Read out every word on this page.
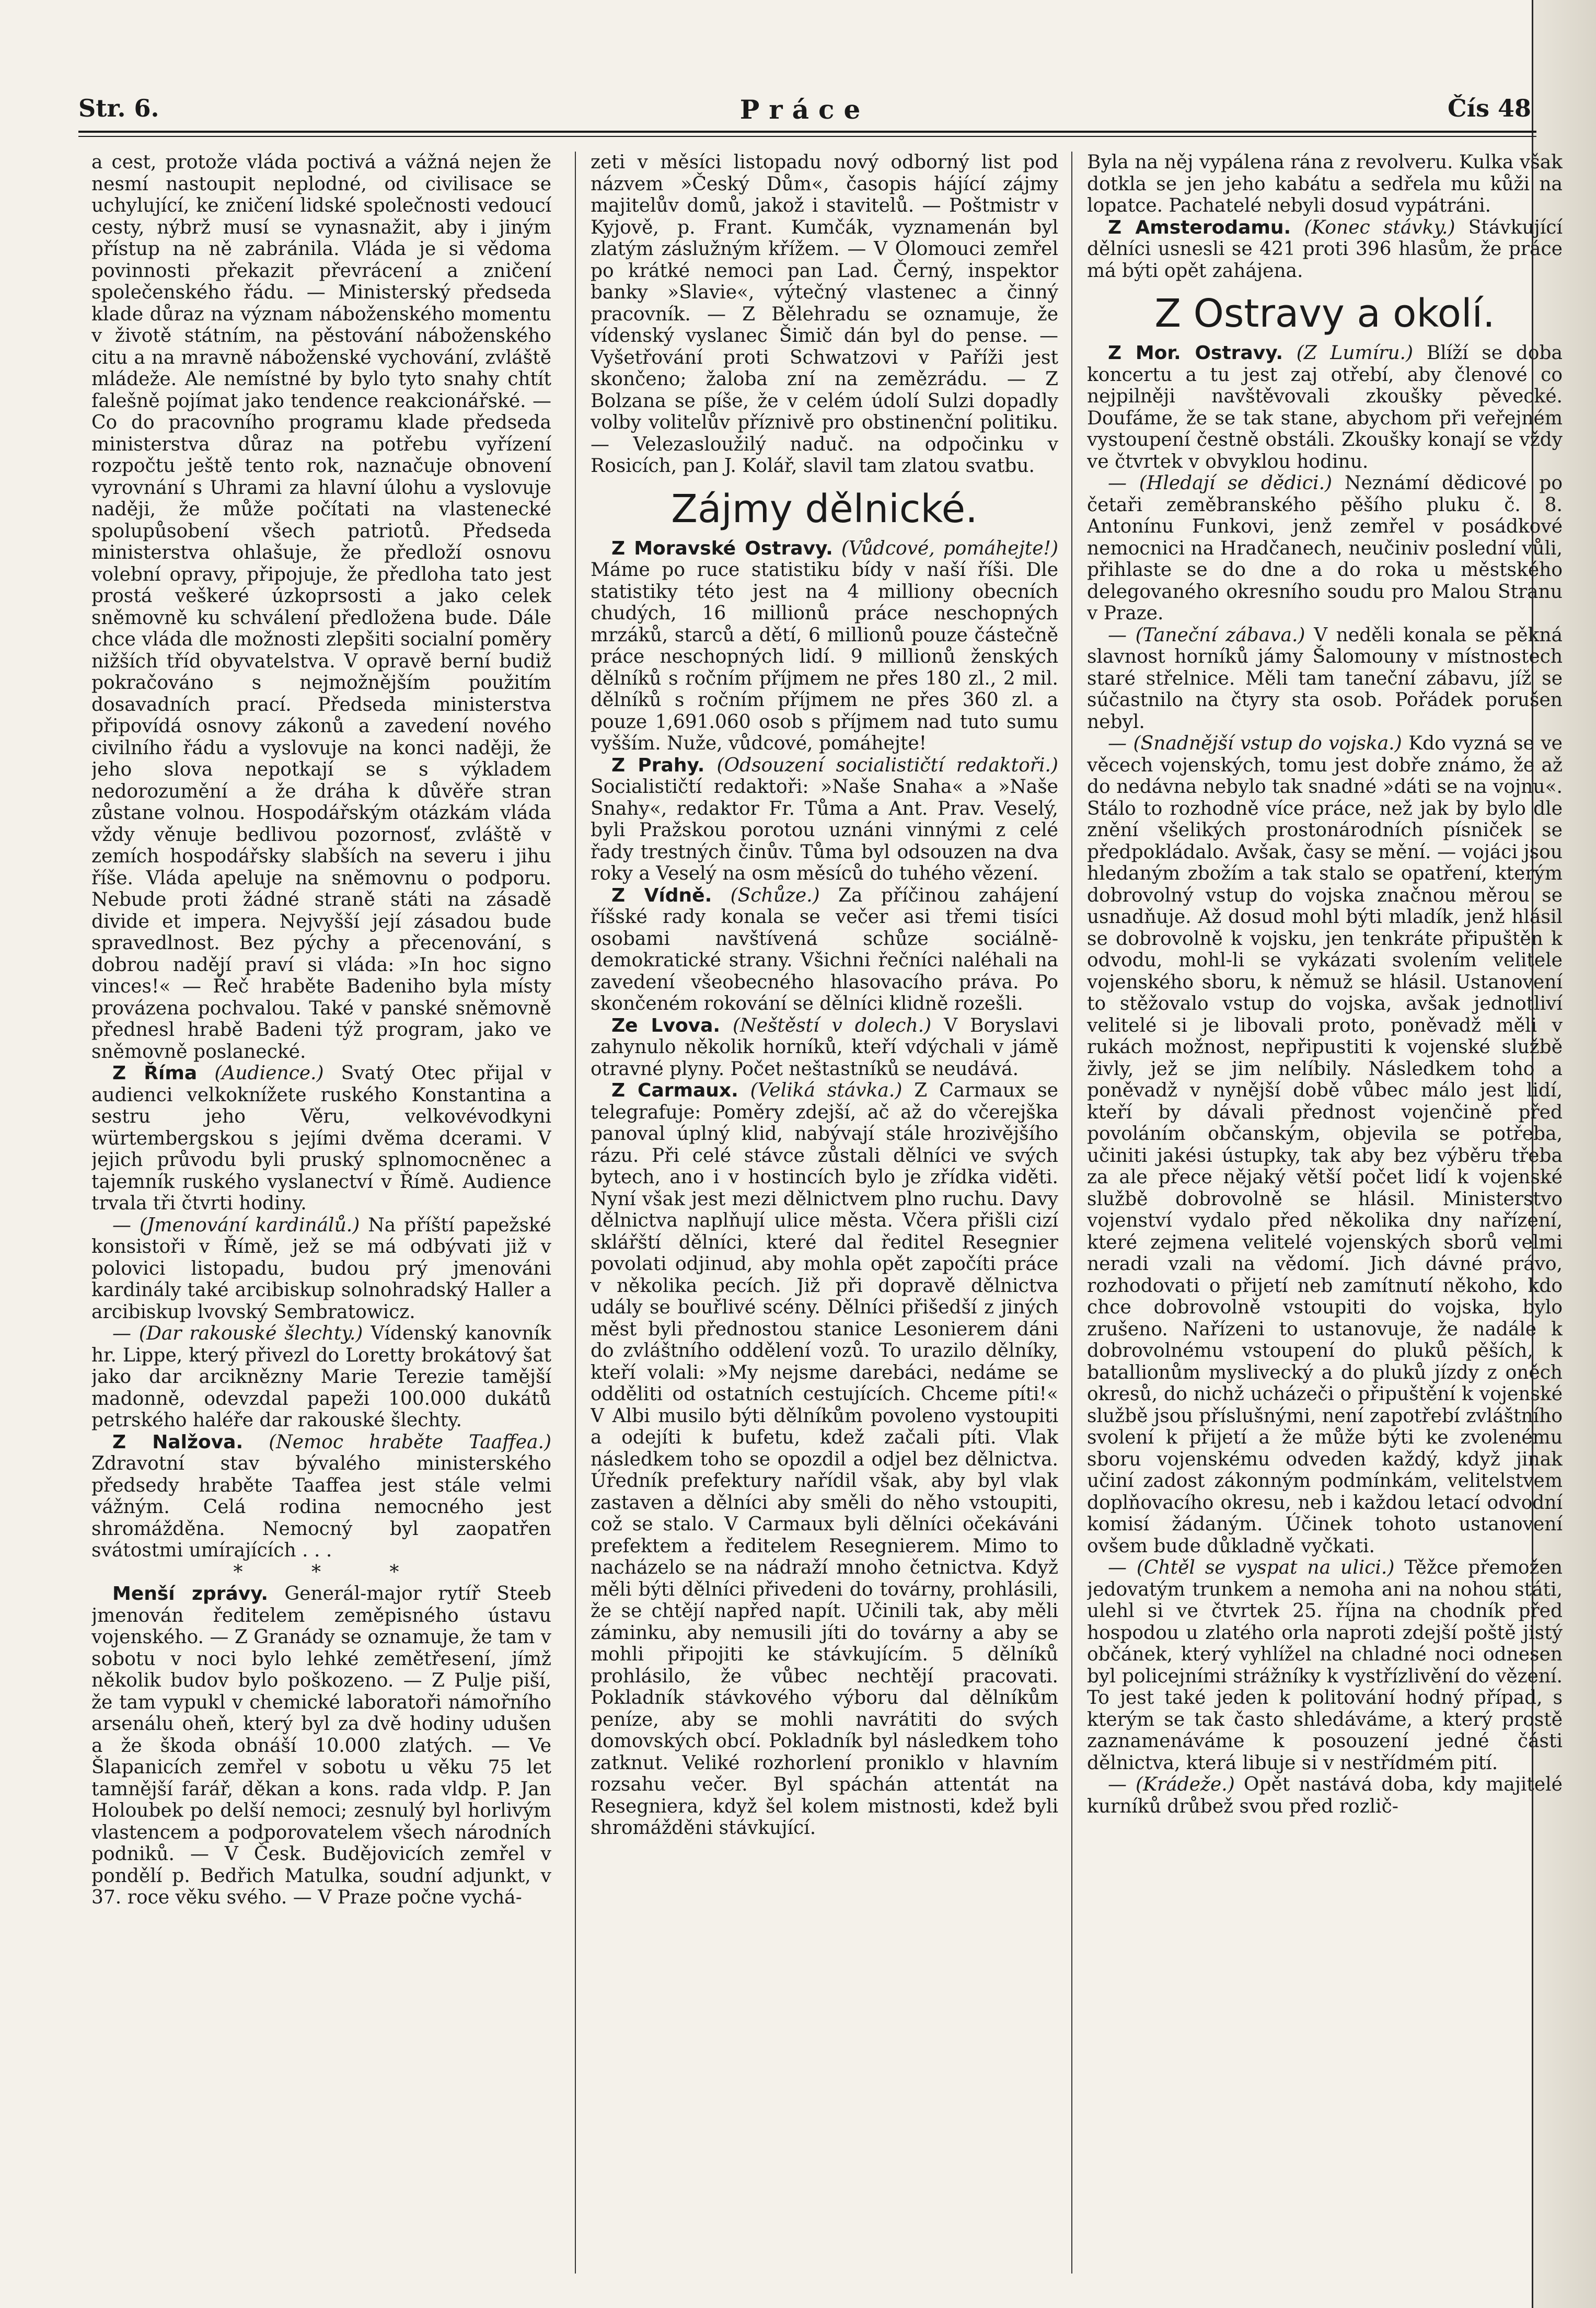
Str. 6.	Práce	Čís 48

a cest, protože vláda poctivá a vážná nejen že nesmí nastoupit neplodné, od civilisace se uchylující, ke zničení lidské společnosti vedoucí cesty, nýbrž musí se vynasnažit, aby i jiným přístup na ně zabránila. Vláda je si vědoma povinnosti překazit převrácení a zničení společenského řádu. — Ministerský předseda klade důraz na význam náboženského momentu v životě státním, na pěstování náboženského citu a na mravně náboženské vychování, zvláště mládeže. Ale nemístné by bylo tyto snahy chtít falešně pojímat jako tendence reakcionářské. — Co do pracovního programu klade předseda ministerstva důraz na potřebu vyřízení rozpočtu ještě tento rok, naznačuje obnovení vyrovnání s Uhrami za hlavní úlohu a vyslovuje naději, že může počítati na vlastenecké spolupůsobení všech patriotů. Předseda ministerstva ohlašuje, že předloží osnovu volební opravy, připojuje, že předloha tato jest prostá veškeré úzkoprsosti a jako celek sněmovně ku schválení předložena bude. Dále chce vláda dle možnosti zlepšiti socialní poměry nižších tříd obyvatelstva. V opravě berní budiž pokračováno s nejmožnějším použitím dosavadních prací. Předseda ministerstva připovídá osnovy zákonů a zavedení nového civilního řádu a vyslovuje na konci naději, že jeho slova nepotkají se s výkladem nedorozumění a že dráha k důvěře stran zůstane volnou. Hospodářským otázkám vláda vždy věnuje bedlivou pozornosť, zvláště v zemích hospodářsky slabších na severu i jihu říše. Vláda apeluje na sněmovnu o podporu. Nebude proti žádné straně státi na zásadě divide et impera. Nejvyšší její zásadou bude spravedlnost. Bez pýchy a přecenování, s dobrou nadějí praví si vláda: »In hoc signo vinces!« — Řeč hraběte Badeniho byla místy provázena pochvalou. Také v panské sněmovně přednesl hrabě Badeni týž program, jako ve sněmovně poslanecké.

Z Říma (Audience.) Svatý Otec přijal v audienci velkoknížete ruského Konstantina a sestru jeho Věru, velkovévodkyni würtembergskou s jejími dvěma dcerami. V jejich průvodu byli pruský splnomocněnec a tajemník ruského vyslanectví v Římě. Audience trvala tři čtvrti hodiny.

— (Jmenování kardinálů.) Na příští papežské konsistoři v Římě, jež se má odbývati již v polovici listopadu, budou prý jmenováni kardinály také arcibiskup solnohradský Haller a arcibiskup lvovský Sembratowicz.

— (Dar rakouské šlechty.) Vídenský kanovník hr. Lippe, který přivezl do Loretty brokátový šat jako dar arciknězny Marie Terezie tamější madonně, odevzdal papeži 100.000 dukátů petrského haléře dar rakouské šlechty.

Z Nalžova. (Nemoc hraběte Taaffea.) Zdravotní stav bývalého ministerského předsedy hraběte Taaffea jest stále velmi vážným. Celá rodina nemocného jest shromážděna. Nemocný byl zaopatřen svátostmi umírajících . . .

* * *

Menší zprávy. Generál-major rytíř Steeb jmenován ředitelem zeměpisného ústavu vojenského. — Z Granády se oznamuje, že tam v sobotu v noci bylo lehké zemětřesení, jímž několik budov bylo poškozeno. — Z Pulje piší, že tam vypukl v chemické laboratoři námořního arsenálu oheň, který byl za dvě hodiny udušen a že škoda obnáší 10.000 zlatých. — Ve Šlapanicích zemřel v sobotu u věku 75 let tamnější farář, děkan a kons. rada vldp. P. Jan Holoubek po delší nemoci; zesnulý byl horlivým vlastencem a podporovatelem všech národních podniků. — V Česk. Budějovicích zemřel v pondělí p. Bedřich Matulka, soudní adjunkt, v 37. roce věku svého. — V Praze počne vychá-

zeti v měsíci listopadu nový odborný list pod názvem »Český Dům«, časopis hájící zájmy majitelův domů, jakož i stavitelů. — Poštmistr v Kyjově, p. Frant. Kumčák, vyznamenán byl zlatým záslužným křížem. — V Olomouci zemřel po krátké nemoci pan Lad. Černý, inspektor banky »Slavie«, výtečný vlastenec a činný pracovník. — Z Bělehradu se oznamuje, že vídenský vyslanec Šimič dán byl do pense. — Vyšetřování proti Schwatzovi v Paříži jest skončeno; žaloba zní na zemězrádu. — Z Bolzana se píše, že v celém údolí Sulzi dopadly volby volitelův příznivě pro obstinenční politiku. — Velezasloužilý naduč. na odpočinku v Rosicích, pan J. Kolář, slavil tam zlatou svatbu.

Zájmy dělnické.

Z Moravské Ostravy. (Vůdcové, pomáhejte!) Máme po ruce statistiku bídy v naší říši. Dle statistiky této jest na 4 milliony obecních chudých, 16 millionů práce neschopných mrzáků, starců a dětí, 6 millionů pouze částečně práce neschopných lidí. 9 millionů ženských dělníků s ročním příjmem ne přes 180 zl., 2 mil. dělníků s ročním příjmem ne přes 360 zl. a pouze 1,691.060 osob s příjmem nad tuto sumu vyšším. Nuže, vůdcové, pomáhejte!

Z Prahy. (Odsouzení socialističtí redaktoři.) Socialističtí redaktoři: »Naše Snaha« a »Naše Snahy«, redaktor Fr. Tůma a Ant. Prav. Veselý, byli Pražskou porotou uznáni vinnými z celé řady trestných činův. Tůma byl odsouzen na dva roky a Veselý na osm měsíců do tuhého vězení.

Z Vídně. (Schůze.) Za příčinou zahájení říšské rady konala se večer asi třemi tisíci osobami navštívená schůze sociálně-demokratické strany. Všichni řečníci naléhali na zavedení všeobecného hlasovacího práva. Po skončeném rokování se dělníci klidně rozešli.

Ze Lvova. (Neštěstí v dolech.) V Boryslavi zahynulo několik horníků, kteří vdýchali v jámě otravné plyny. Počet neštastníků se neudává.

Z Carmaux. (Veliká stávka.) Z Carmaux se telegrafuje: Poměry zdejší, ač až do včerejška panoval úplný klid, nabývají stále hrozivějšího rázu. Při celé stávce zůstali dělníci ve svých bytech, ano i v hostincích bylo je zřídka viděti. Nyní však jest mezi dělnictvem plno ruchu. Davy dělnictva naplňují ulice města. Včera přišli cizí sklářští dělníci, které dal ředitel Resegnier povolati odjinud, aby mohla opět započíti práce v několika pecích. Již při dopravě dělnictva udály se bouřlivé scény. Dělníci přišedší z jiných měst byli přednostou stanice Lesonierem dáni do zvláštního oddělení vozů. To urazilo dělníky, kteří volali: »My nejsme darebáci, nedáme se odděliti od ostatních cestujících. Chceme píti!« V Albi musilo býti dělníkům povoleno vystoupiti a odejíti k bufetu, kdež začali píti. Vlak následkem toho se opozdil a odjel bez dělnictva. Úředník prefektury nařídil však, aby byl vlak zastaven a dělníci aby směli do něho vstoupiti, což se stalo. V Carmaux byli dělníci očekáváni prefektem a ředitelem Resegnierem. Mimo to nacházelo se na nádraží mnoho četnictva. Když měli býti dělníci přivedeni do továrny, prohlásili, že se chtějí napřed napít. Učinili tak, aby měli záminku, aby nemusili jíti do továrny a aby se mohli připojiti ke stávkujícím. 5 dělníků prohlásilo, že vůbec nechtějí pracovati. Pokladník stávkového výboru dal dělníkům peníze, aby se mohli navrátiti do svých domovských obcí. Pokladník byl následkem toho zatknut. Veliké rozhorlení proniklo v hlavním rozsahu večer. Byl spáchán attentát na Resegniera, když šel kolem mistnosti, kdež byli shromážděni stávkující.

Byla na něj vypálena rána z revolveru. Kulka však dotkla se jen jeho kabátu a sedřela mu kůži na lopatce. Pachatelé nebyli dosud vypátráni.

Z Amsterodamu. (Konec stávky.) Stávkující dělníci usnesli se 421 proti 396 hlasům, že práce má býti opět zahájena.

Z Ostravy a okolí.

Z Mor. Ostravy. (Z Lumíru.) Blíží se doba koncertu a tu jest zaj otřebí, aby členové co nejpilněji navštěvovali zkoušky pěvecké. Doufáme, že se tak stane, abychom při veřejném vystoupení čestně obstáli. Zkoušky konají se vždy ve čtvrtek v obvyklou hodinu.

— (Hledají se dědici.) Neznámí dědicové po četaři zeměbranského pěšího pluku č. 8. Antonínu Funkovi, jenž zemřel v posádkové nemocnici na Hradčanech, neučiniv poslední vůli, přihlaste se do dne a do roka u městského delegovaného okresního soudu pro Malou Stranu v Praze.

— (Taneční zábava.) V neděli konala se pěkná slavnost horníků jámy Šalomouny v místnostech staré střelnice. Měli tam taneční zábavu, jíž se súčastnilo na čtyry sta osob. Pořádek porušen nebyl.

— (Snadnější vstup do vojska.) Kdo vyzná se ve věcech vojenských, tomu jest dobře známo, že až do nedávna nebylo tak snadné »dáti se na vojnu«. Stálo to rozhodně více práce, než jak by bylo dle znění všelikých prostonárodních písniček se předpokládalo. Avšak, časy se mění. — vojáci jsou hledaným zbožím a tak stalo se opatření, kterým dobrovolný vstup do vojska značnou měrou se usnadňuje. Až dosud mohl býti mladík, jenž hlásil se dobrovolně k vojsku, jen tenkráte připuštěn k odvodu, mohl-li se vykázati svolením velitele vojenského sboru, k němuž se hlásil. Ustanovení to stěžovalo vstup do vojska, avšak jednotliví velitelé si je libovali proto, poněvadž měli v rukách možnost, nepřipustiti k vojenské službě živly, jež se jim nelíbily. Následkem toho a poněvadž v nynější době vůbec málo jest lidí, kteří by dávali přednost vojenčině před povoláním občanským, objevila se potřeba, učiniti jakési ústupky, tak aby bez výběru třeba za ale přece nějaký větší počet lidí k vojenské službě dobrovolně se hlásil. Ministerstvo vojenství vydalo před několika dny nařízení, které zejmena velitelé vojenských sborů velmi neradi vzali na vědomí. Jich dávné právo, rozhodovati o přijetí neb zamítnutí někoho, kdo chce dobrovolně vstoupiti do vojska, bylo zrušeno. Nařízeni to ustanovuje, že nadále k dobrovolnému vstoupení do pluků pěších, k batallionům myslivecký a do pluků jízdy z oněch okresů, do nichž ucházeči o připuštění k vojenské službě jsou příslušnými, není zapotřebí zvláštního svolení k přijetí a že může býti ke zvolenému sboru vojenskému odveden každý, když jinak učiní zadost zákonným podmínkám, velitelstvem doplňovacího okresu, neb i každou letací odvodní komisí žádaným. Účinek tohoto ustanovení ovšem bude důkladně vyčkati.

— (Chtěl se vyspat na ulici.) Těžce přemožen jedovatým trunkem a nemoha ani na nohou státi, ulehl si ve čtvrtek 25. října na chodník před hospodou u zlatého orla naproti zdejší poště jistý občánek, který vyhlížel na chladné noci odnesen byl policejními strážníky k vystřízlivění do vězení. To jest také jeden k politování hodný případ, s kterým se tak často shledáváme, a který prostě zaznamenáváme k posouzení jedné části dělnictva, která libuje si v nestřídmém pití.

— (Krádeže.) Opět nastává doba, kdy majitelé kurníků drůbež svou před rozlič-
